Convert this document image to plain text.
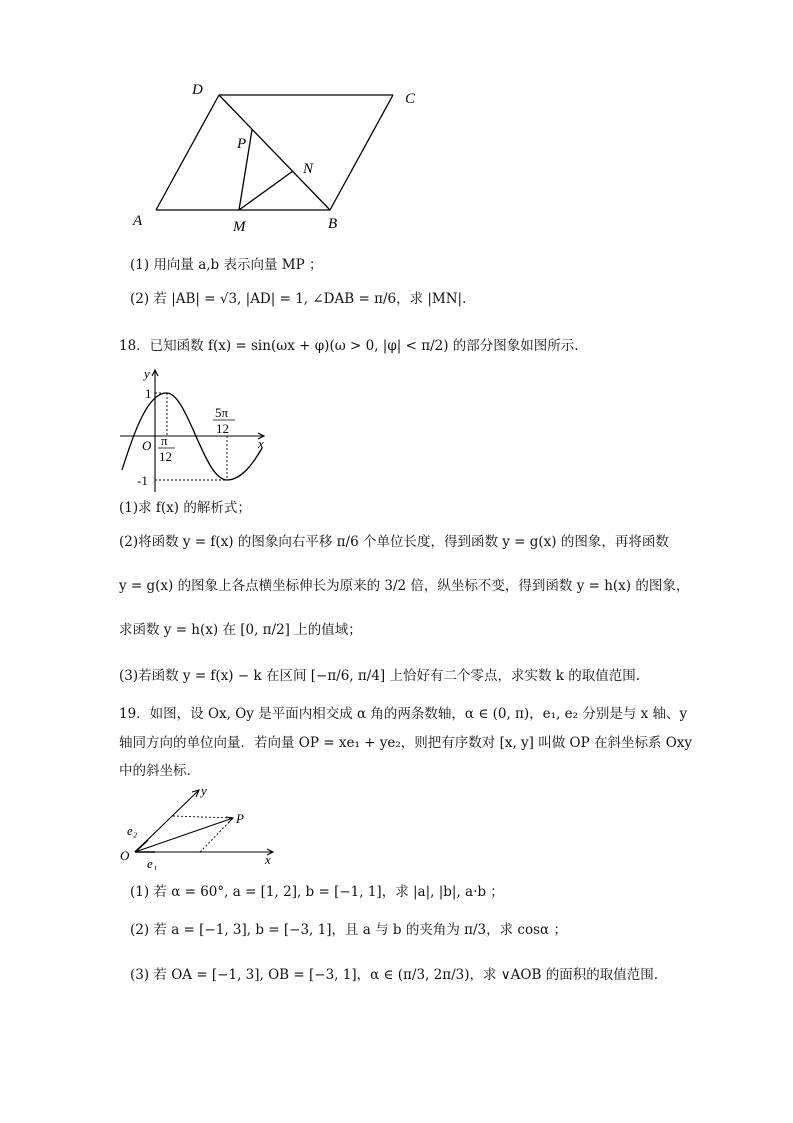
D
C
A	B
P
N
M
(1) 用向量 a,b 表示向量 MP ；
(2) 若 |AB| = √3, |AD| = 1, ∠DAB = π/6，求 |MN|.
18．已知函数 f(x) = sin(ωx + φ)(ω > 0, |φ| < π/2) 的部分图象如图所示.
y
x
O
1
-1
π
12
5π
12
(1)求 f(x) 的解析式；
(2)将函数 y = f(x) 的图象向右平移 π/6 个单位长度，得到函数 y = g(x) 的图象，再将函数
y = g(x) 的图象上各点横坐标伸长为原来的 3/2 倍，纵坐标不变，得到函数 y = h(x) 的图象，
求函数 y = h(x) 在 [0, π/2] 上的值域；
(3)若函数 y = f(x) − k 在区间 [−π/6, π/4] 上恰好有二个零点，求实数 k 的取值范围.
19．如图，设 Ox, Oy 是平面内相交成 α 角的两条数轴，α ∈ (0, π)，e₁, e₂ 分别是与 x 轴、y
轴同方向的单位向量．若向量 OP = xe₁ + ye₂，则把有序数对 [x, y] 叫做 OP 在斜坐标系 Oxy
中的斜坐标.
O	x
y
P
e₁
e₂
(1) 若 α = 60°, a = [1, 2], b = [−1, 1]，求 |a|, |b|, a·b ；
(2) 若 a = [−1, 3], b = [−3, 1]，且 a 与 b 的夹角为 π/3，求 cosα ；
(3) 若 OA = [−1, 3], OB = [−3, 1]，α ∈ (π/3, 2π/3)，求 ∨AOB 的面积的取值范围.
